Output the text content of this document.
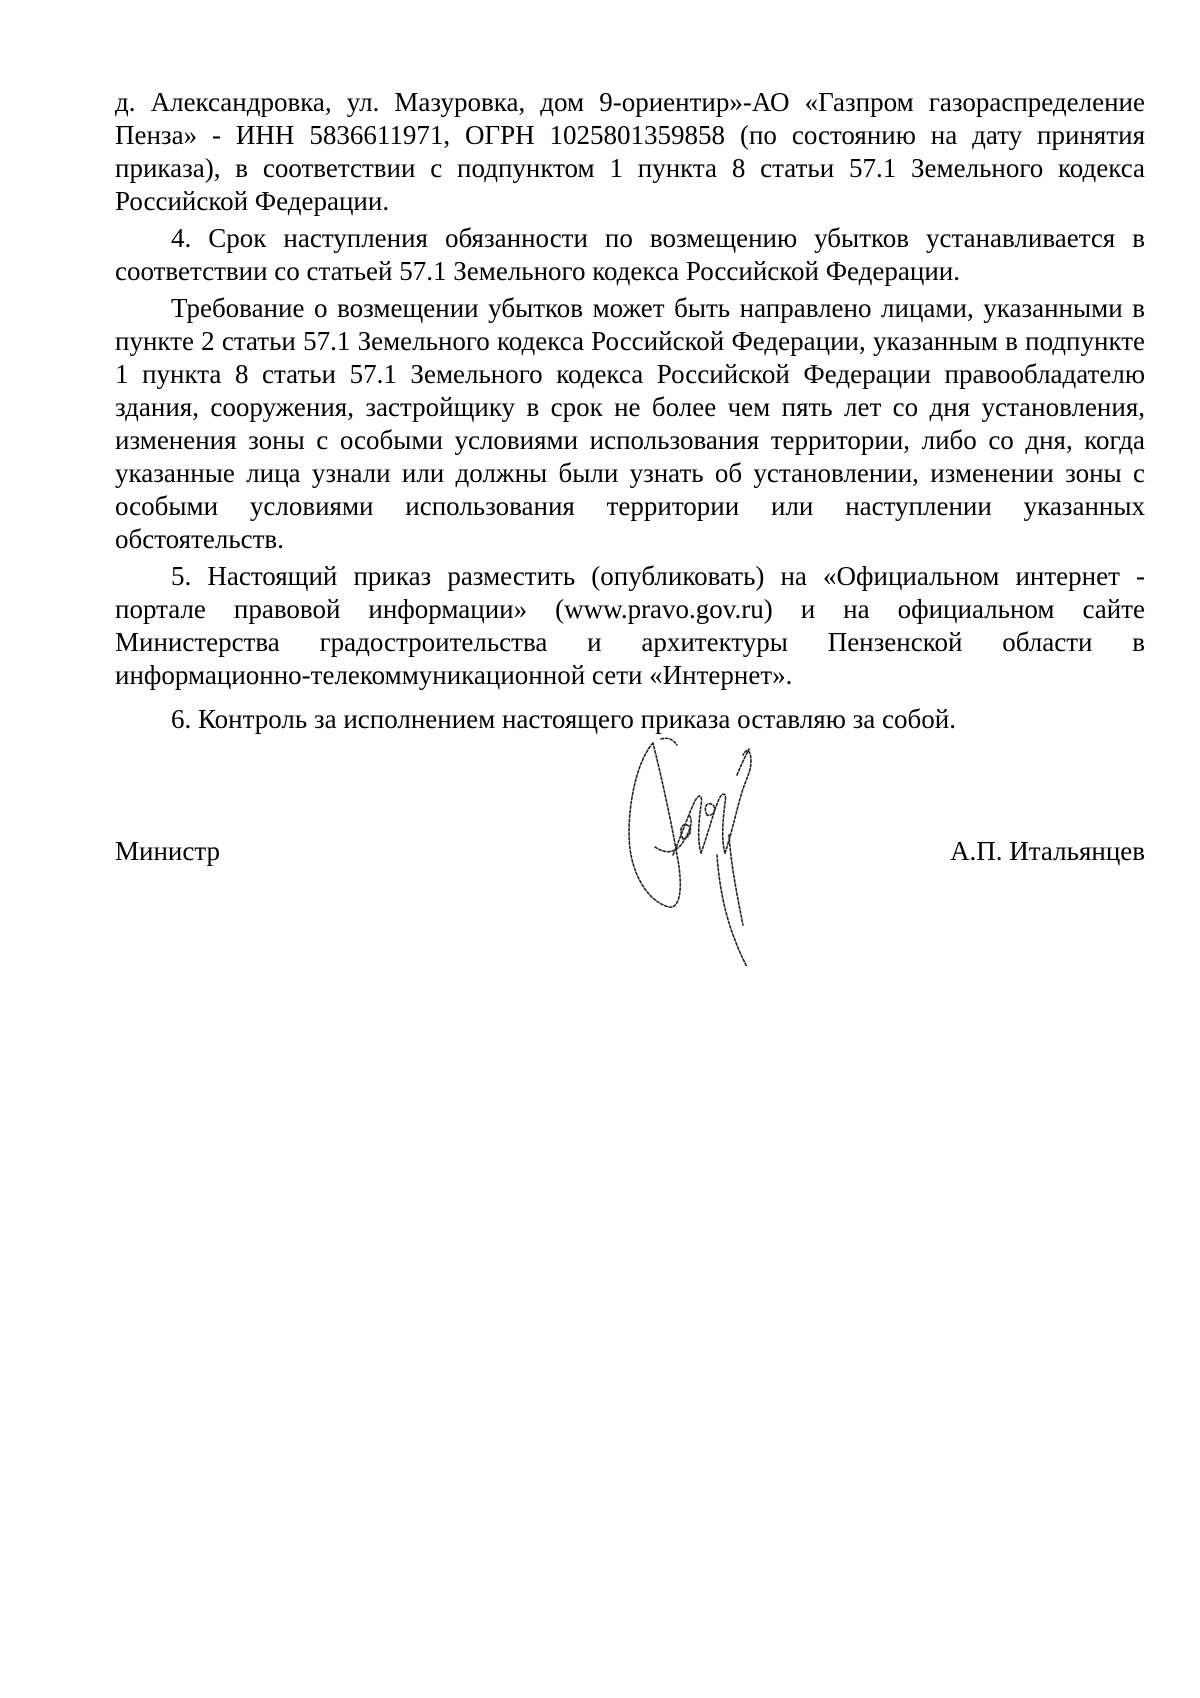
д. Александровка, ул. Мазуровка, дом 9-ориентир»-АО «Газпром газораспределение Пенза» - ИНН 5836611971, ОГРН 1025801359858 (по состоянию на дату принятия приказа), в соответствии с подпунктом 1 пункта 8 статьи 57.1 Земельного кодекса Российской Федерации.

4. Срок наступления обязанности по возмещению убытков устанавливается в соответствии со статьей 57.1 Земельного кодекса Российской Федерации.

Требование о возмещении убытков может быть направлено лицами, указанными в пункте 2 статьи 57.1 Земельного кодекса Российской Федерации, указанным в подпункте 1 пункта 8 статьи 57.1 Земельного кодекса Российской Федерации правообладателю здания, сооружения, застройщику в срок не более чем пять лет со дня установления, изменения зоны с особыми условиями использования территории, либо со дня, когда указанные лица узнали или должны были узнать об установлении, изменении зоны с особыми условиями использования территории или наступлении указанных обстоятельств.

5. Настоящий приказ разместить (опубликовать) на «Официальном интернет - портале правовой информации» (www.pravo.gov.ru) и на официальном сайте Министерства градостроительства и архитектуры Пензенской области в информационно-телекоммуникационной сети «Интернет».

6. Контроль за исполнением настоящего приказа оставляю за собой.

Министр	А.П. Итальянцев
